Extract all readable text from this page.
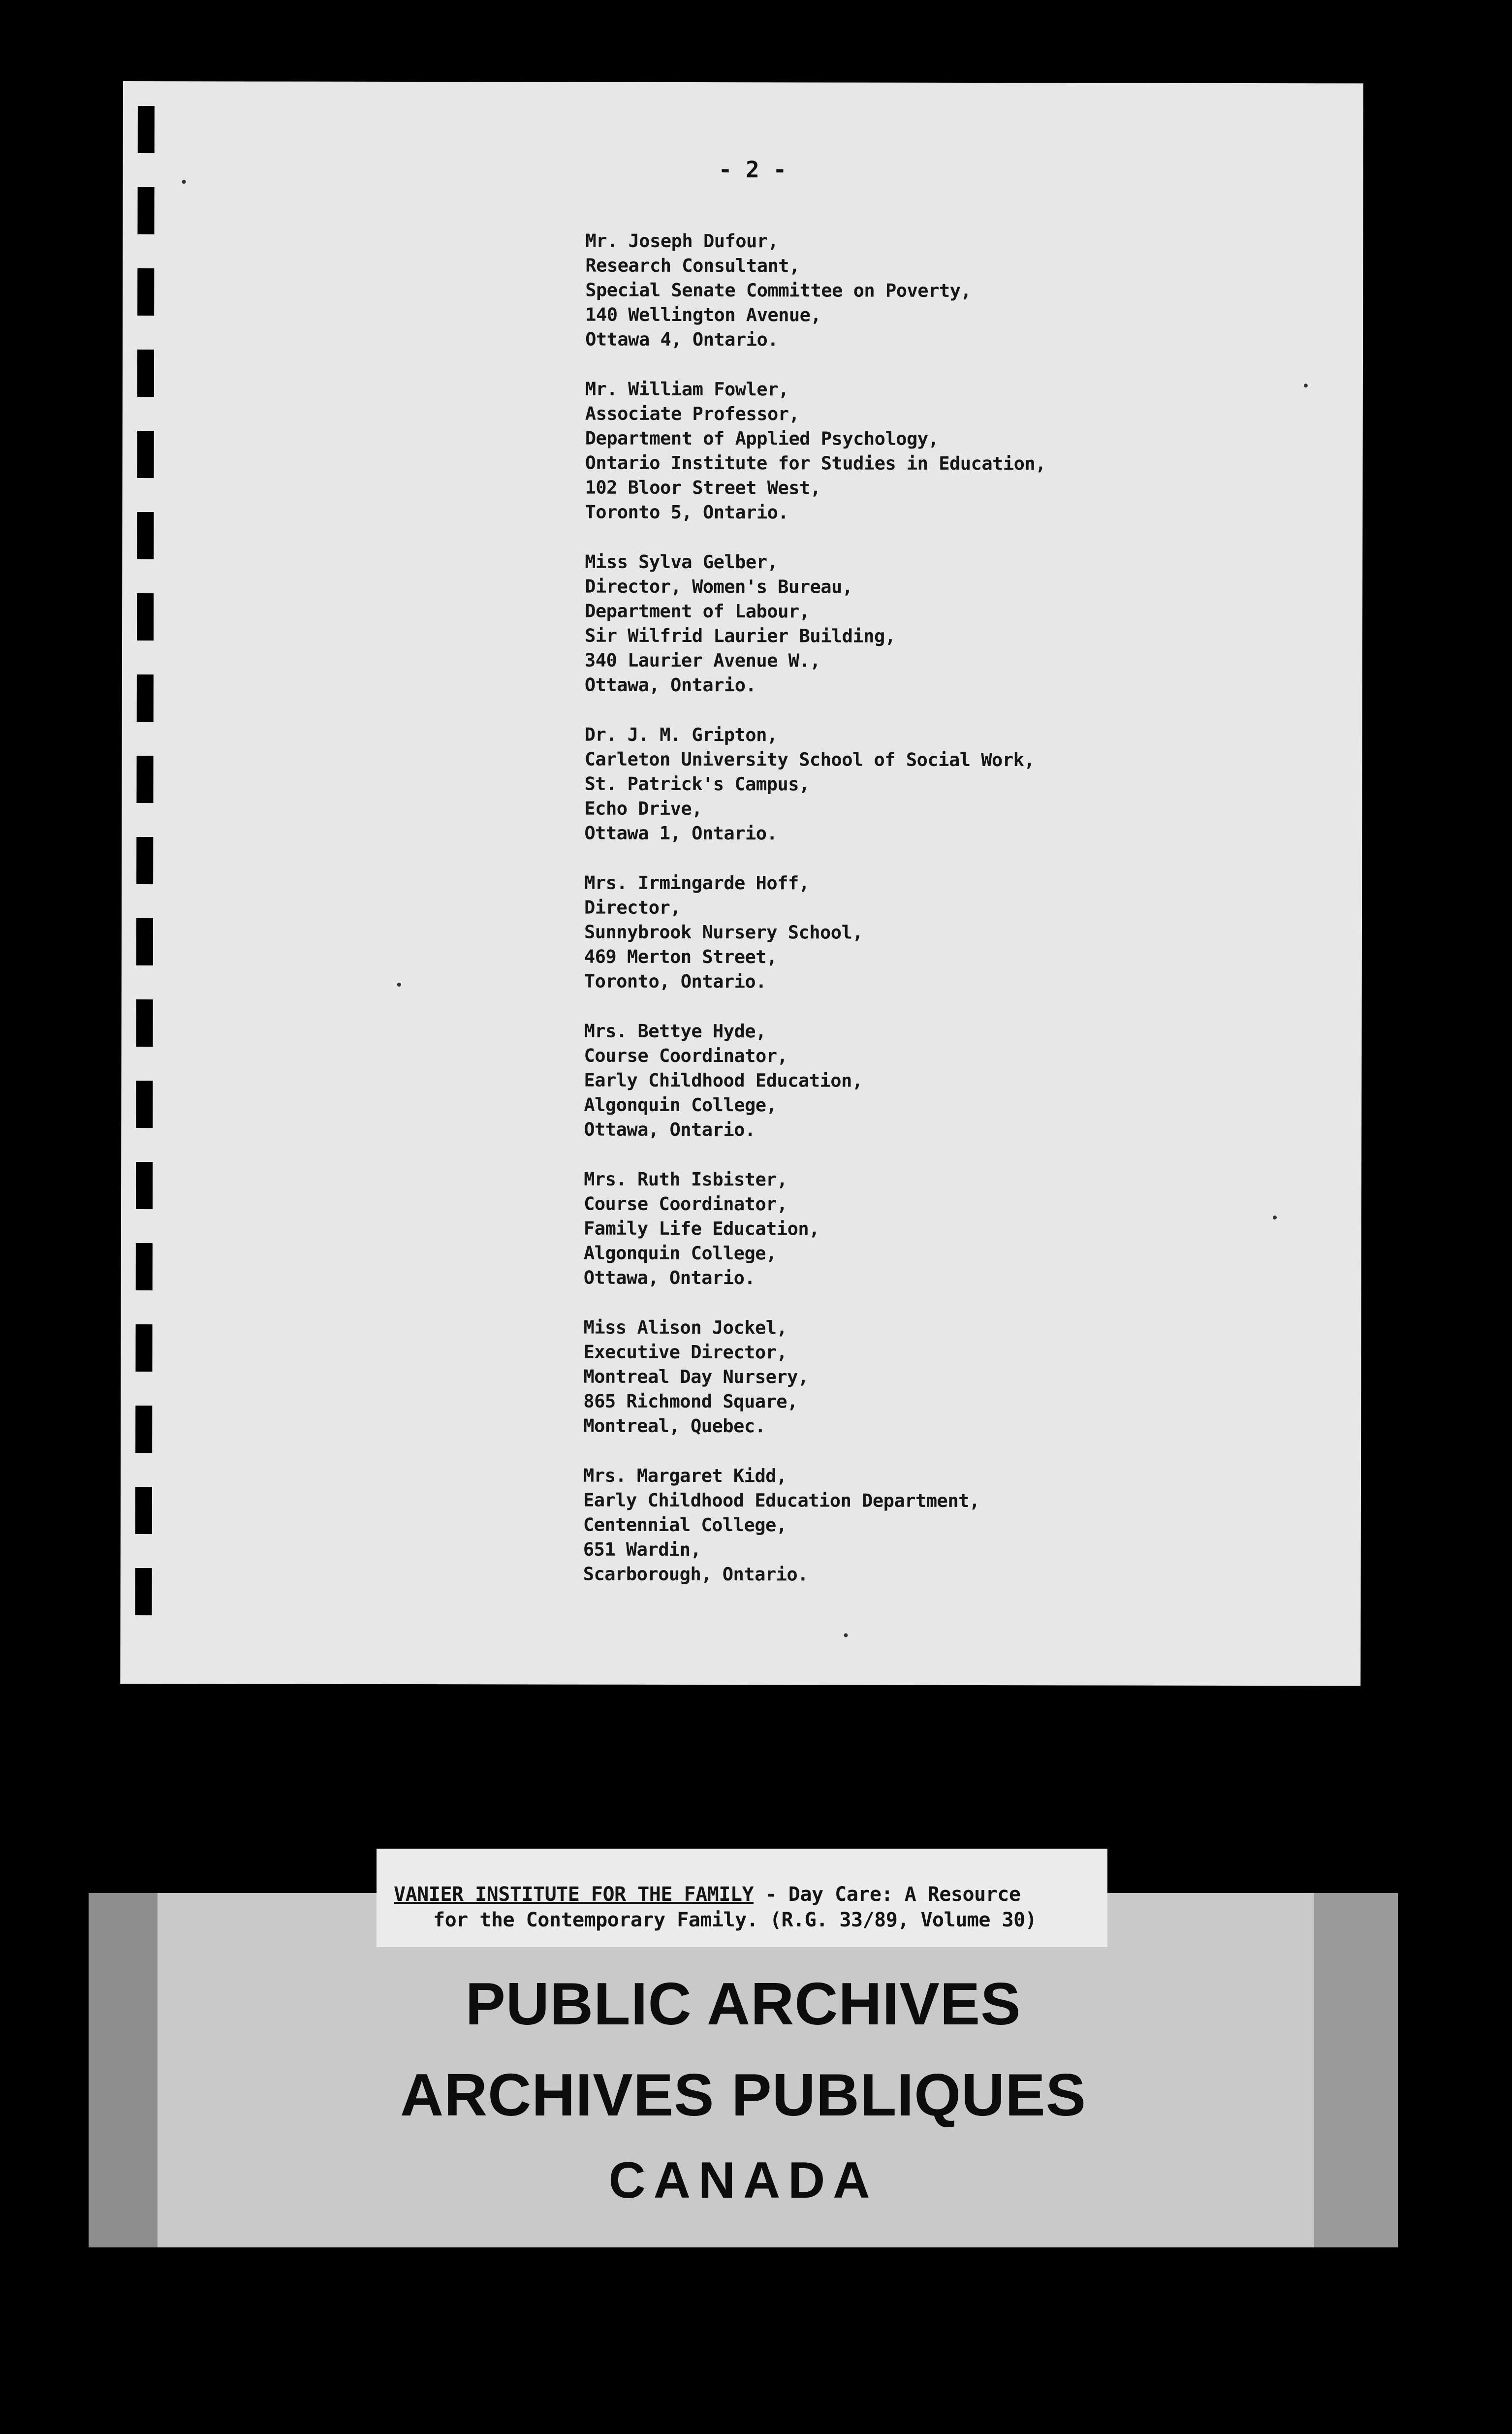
- 2 -
Mr. Joseph Dufour,
Research Consultant,
Special Senate Committee on Poverty,
140 Wellington Avenue,
Ottawa 4, Ontario.
Mr. William Fowler,
Associate Professor,
Department of Applied Psychology,
Ontario Institute for Studies in Education,
102 Bloor Street West,
Toronto 5, Ontario.
Miss Sylva Gelber,
Director, Women's Bureau,
Department of Labour,
Sir Wilfrid Laurier Building,
340 Laurier Avenue W.,
Ottawa, Ontario.
Dr. J. M. Gripton,
Carleton University School of Social Work,
St. Patrick's Campus,
Echo Drive,
Ottawa 1, Ontario.
Mrs. Irmingarde Hoff,
Director,
Sunnybrook Nursery School,
469 Merton Street,
Toronto, Ontario.
Mrs. Bettye Hyde,
Course Coordinator,
Early Childhood Education,
Algonquin College,
Ottawa, Ontario.
Mrs. Ruth Isbister,
Course Coordinator,
Family Life Education,
Algonquin College,
Ottawa, Ontario.
Miss Alison Jockel,
Executive Director,
Montreal Day Nursery,
865 Richmond Square,
Montreal, Quebec.
Mrs. Margaret Kidd,
Early Childhood Education Department,
Centennial College,
651 Wardin,
Scarborough, Ontario.
PUBLIC ARCHIVES
ARCHIVES PUBLIQUES
CANADA
VANIER INSTITUTE FOR THE FAMILY - Day Care: A Resource
for the Contemporary Family. (R.G. 33/89, Volume 30)
